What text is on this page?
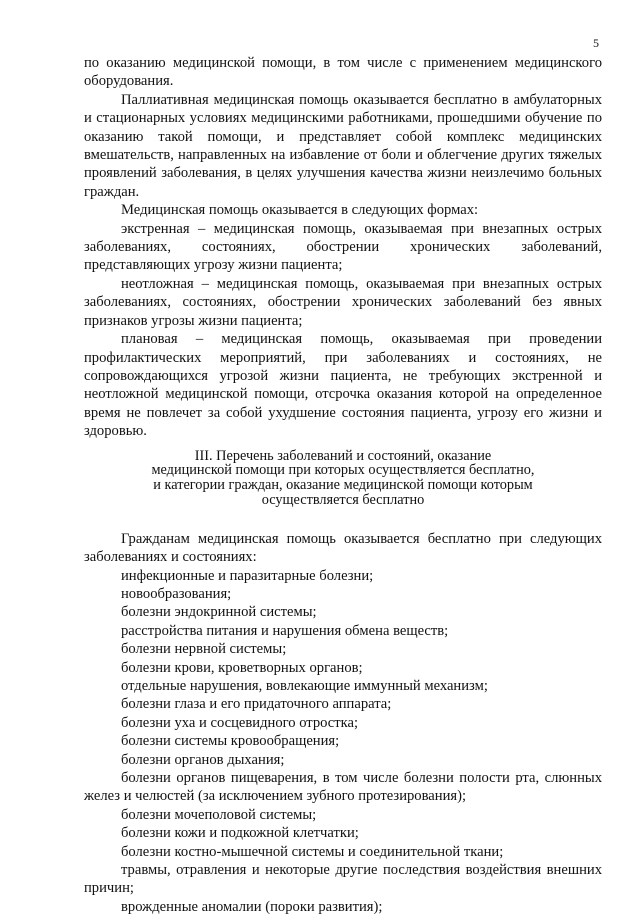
5

по оказанию медицинской помощи, в том числе с применением медицинского оборудования.

Паллиативная медицинская помощь оказывается бесплатно в амбулаторных и стационарных условиях медицинскими работниками, прошедшими обучение по оказанию такой помощи, и представляет собой комплекс медицинских вмешательств, направленных на избавление от боли и облегчение других тяжелых проявлений заболевания, в целях улучшения качества жизни неизлечимо больных граждан.

Медицинская помощь оказывается в следующих формах:

экстренная – медицинская помощь, оказываемая при внезапных острых заболеваниях, состояниях, обострении хронических заболеваний, представляющих угрозу жизни пациента;

неотложная – медицинская помощь, оказываемая при внезапных острых заболеваниях, состояниях, обострении хронических заболеваний без явных признаков угрозы жизни пациента;

плановая – медицинская помощь, оказываемая при проведении профилактических мероприятий, при заболеваниях и состояниях, не сопровождающихся угрозой жизни пациента, не требующих экстренной и неотложной медицинской помощи, отсрочка оказания которой на определенное время не повлечет за собой ухудшение состояния пациента, угрозу его жизни и здоровью.

III. Перечень заболеваний и состояний, оказание
медицинской помощи при которых осуществляется бесплатно,
и категории граждан, оказание медицинской помощи которым
осуществляется бесплатно

Гражданам медицинская помощь оказывается бесплатно при следующих заболеваниях и состояниях:

инфекционные и паразитарные болезни;

новообразования;

болезни эндокринной системы;

расстройства питания и нарушения обмена веществ;

болезни нервной системы;

болезни крови, кроветворных органов;

отдельные нарушения, вовлекающие иммунный механизм;

болезни глаза и его придаточного аппарата;

болезни уха и сосцевидного отростка;

болезни системы кровообращения;

болезни органов дыхания;

болезни органов пищеварения, в том числе болезни полости рта, слюнных желез и челюстей (за исключением зубного протезирования);

болезни мочеполовой системы;

болезни кожи и подкожной клетчатки;

болезни костно-мышечной системы и соединительной ткани;

травмы, отравления и некоторые другие последствия воздействия внешних причин;

врожденные аномалии (пороки развития);
